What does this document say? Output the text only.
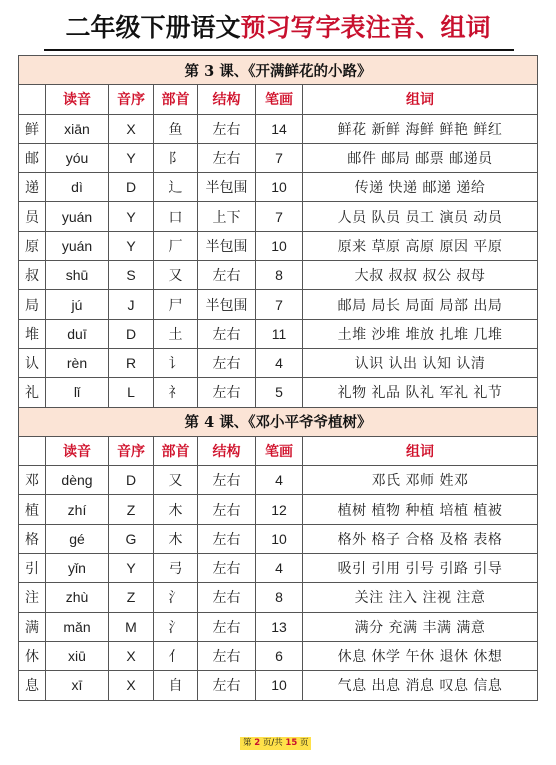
二年级下册语文预习写字表注音、组词
第 3 课、《开满鲜花的小路》						
	读音	音序	部首	结构	笔画	组词
鲜	xiān	X	鱼	左右	14	鲜花 新鲜 海鲜 鲜艳 鲜红
邮	yóu	Y	阝	左右	7	邮件 邮局 邮票 邮递员
递	dì	D	辶	半包围	10	传递 快递 邮递 递给
员	yuán	Y	口	上下	7	人员 队员 员工 演员 动员
原	yuán	Y	厂	半包围	10	原来 草原 高原 原因 平原
叔	shū	S	又	左右	8	大叔 叔叔 叔公 叔母
局	jú	J	尸	半包围	7	邮局 局长 局面 局部 出局
堆	duī	D	土	左右	11	土堆 沙堆 堆放 扎堆 几堆
认	rèn	R	讠	左右	4	认识 认出 认知 认清
礼	lǐ	L	礻	左右	5	礼物 礼品 队礼 军礼 礼节
第 4 课、《邓小平爷爷植树》						
	读音	音序	部首	结构	笔画	组词
邓	dèng	D	又	左右	4	邓氏 邓师 姓邓
植	zhí	Z	木	左右	12	植树 植物 种植 培植 植被
格	gé	G	木	左右	10	格外 格子 合格 及格 表格
引	yǐn	Y	弓	左右	4	吸引 引用 引号 引路 引导
注	zhù	Z	氵	左右	8	关注 注入 注视 注意
满	mǎn	M	氵	左右	13	满分 充满 丰满 满意
休	xiū	X	亻	左右	6	休息 休学 午休 退休 休想
息	xī	X	自	左右	10	气息 出息 消息 叹息 信息
第 2 页/共 15 页
